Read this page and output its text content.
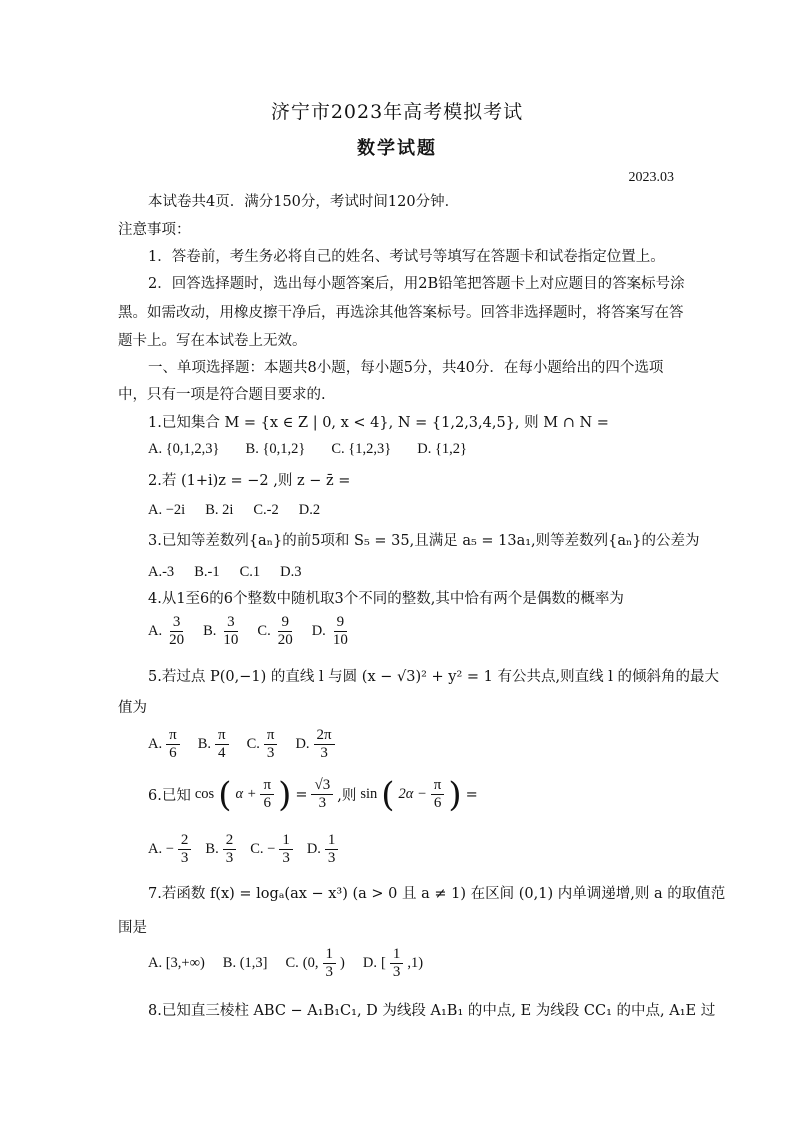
济宁市2023年高考模拟考试
数学试题
2023.03
本试卷共4页．满分150分，考试时间120分钟．
注意事项：
1．答卷前，考生务必将自己的姓名、考试号等填写在答题卡和试卷指定位置上。
2．回答选择题时，选出每小题答案后，用2B铅笔把答题卡上对应题目的答案标号涂
黑。如需改动，用橡皮擦干净后，再选涂其他答案标号。回答非选择题时，将答案写在答
题卡上。写在本试卷上无效。
一、单项选择题：本题共8小题，每小题5分，共40分．在每小题给出的四个选项
中，只有一项是符合题目要求的.
1.已知集合 M = {x ∈ Z | 0, x < 4}, N = {1,2,3,4,5}, 则 M ∩ N =
A. {0,1,2,3} B. {0,1,2} C. {1,2,3} D. {1,2}
2.若 (1+i)z = −2 ,则 z − z̄ =
A. −2i B. 2i C.-2 D.2
3.已知等差数列{aₙ}的前5项和 S₅ = 35,且满足 a₅ = 13a₁,则等差数列{aₙ}的公差为
A.-3 B.-1 C.1 D.3
4.从1至6的6个整数中随机取3个不同的整数,其中恰有两个是偶数的概率为
A. $\frac{3}{20} B$. $\frac{3}{10} C$. $\frac{9}{20} D$. $\frac{9}{10}$
5.若过点 P(0,−1) 的直线 l 与圆 (x − √3)² + y² = 1 有公共点,则直线 l 的倾斜角的最大
值为
A. $\frac{\pi}{6} B$. $\frac{\pi}{4} C$. $\frac{\pi}{3} D$. $\frac{2\pi}{3}$
6.已知 cos ( $\alpha + \frac{\pi}{6}$ ) = $\frac{√3}{3}$ ,则 sin ( $2\alpha - \frac{\pi}{6}$ ) =
A. − $\frac{2}{3} B$. $\frac{2}{3} C$. − $\frac{1}{3} D$. $\frac{1}{3}$
7.若函数 f(x) = logₐ(ax − x³) (a > 0 且 a ≠ 1) 在区间 (0,1) 内单调递增,则 a 的取值范
围是
A. [3,+∞) B. (1,3] C. (0, $\frac{1}{3}$ ) D. [ $\frac{1}{3} ,1$)
8.已知直三棱柱 ABC − A₁B₁C₁, D 为线段 A₁B₁ 的中点, E 为线段 CC₁ 的中点, A₁E 过
